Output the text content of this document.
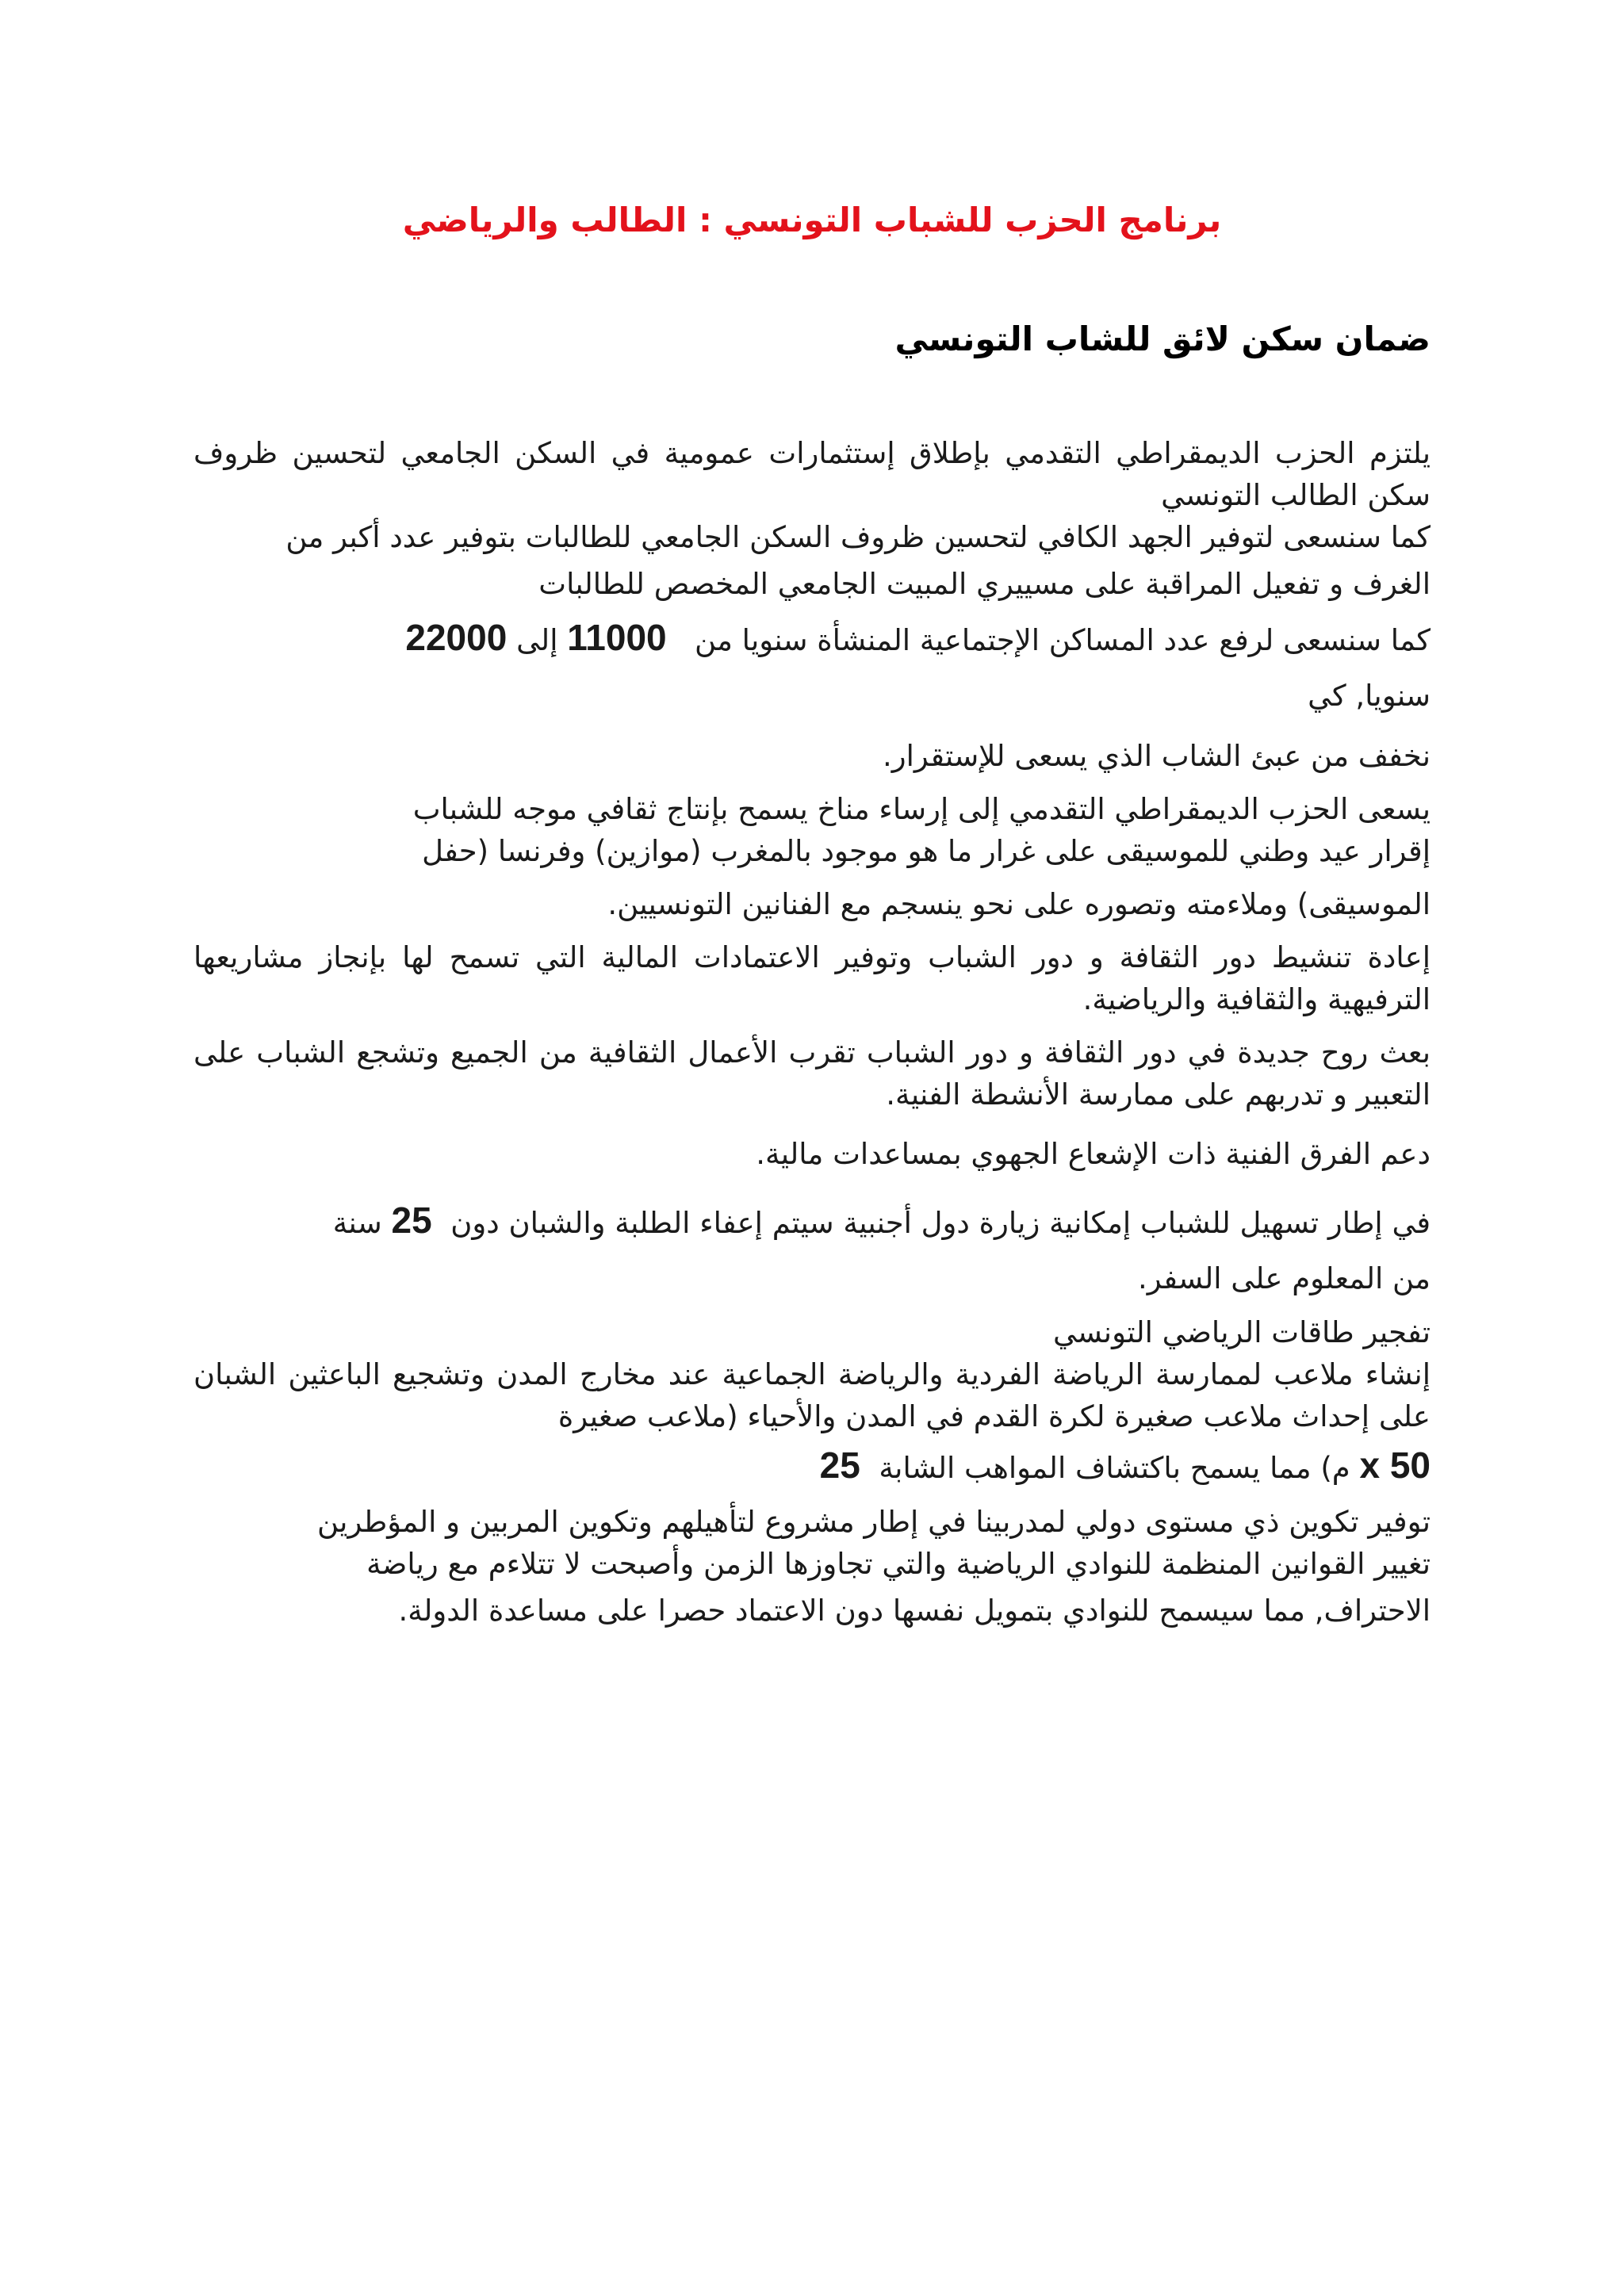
برنامج الحزب للشباب التونسي : الطالب والرياضي
ضمان سكن لائق للشاب التونسي

يلتزم الحزب الديمقراطي التقدمي بإطلاق إستثمارات عمومية في السكن الجامعي لتحسين ظروف سكن الطالب التونسي

كما سنسعى لتوفير الجهد الكافي لتحسين ظروف السكن الجامعي للطالبات بتوفير عدد أكبر من

الغرف و تفعيل المراقبة على مسييري المبيت الجامعي المخصص للطالبات

كما سنسعى لرفع عدد المساكن الإجتماعية المنشأة سنويا من   11000 إلى 22000
سنويا, كي

نخفف من عبئ الشاب الذي يسعى للإستقرار.

يسعى الحزب الديمقراطي التقدمي إلى إرساء مناخ يسمح بإنتاج ثقافي موجه للشباب

إقرار عيد وطني للموسيقى على غرار ما هو موجود بالمغرب (موازين) وفرنسا (حفل

الموسيقى) وملاءمته وتصوره على نحو ينسجم مع الفنانين التونسيين.

إعادة تنشيط دور الثقافة و دور الشباب وتوفير الاعتمادات المالية التي تسمح لها بإنجاز مشاريعها الترفيهية والثقافية والرياضية.

بعث روح جديدة في دور الثقافة و دور الشباب تقرب الأعمال الثقافية من الجميع وتشجع الشباب على التعبير و تدربهم على ممارسة الأنشطة الفنية.

دعم الفرق الفنية ذات الإشعاع الجهوي بمساعدات مالية.

في إطار تسهيل للشباب إمكانية زيارة دول أجنبية سيتم إعفاء الطلبة والشبان دون  25 سنة
من المعلوم على السفر.

تفجير طاقات الرياضي التونسي

إنشاء ملاعب لممارسة الرياضة الفردية والرياضة الجماعية عند مخارج المدن وتشجيع الباعثين الشبان على إحداث ملاعب صغيرة لكرة القدم في المدن والأحياء (ملاعب صغيرة

50 x م) مما يسمح باكتشاف المواهب الشابة  25

توفير تكوين ذي مستوى دولي لمدربينا في إطار مشروع لتأهيلهم وتكوين المربين و المؤطرين

تغيير القوانين المنظمة للنوادي الرياضية والتي تجاوزها الزمن وأصبحت لا تتلاءم مع رياضة

الاحتراف, مما سيسمح للنوادي بتمويل نفسها دون الاعتماد حصرا على مساعدة الدولة.
